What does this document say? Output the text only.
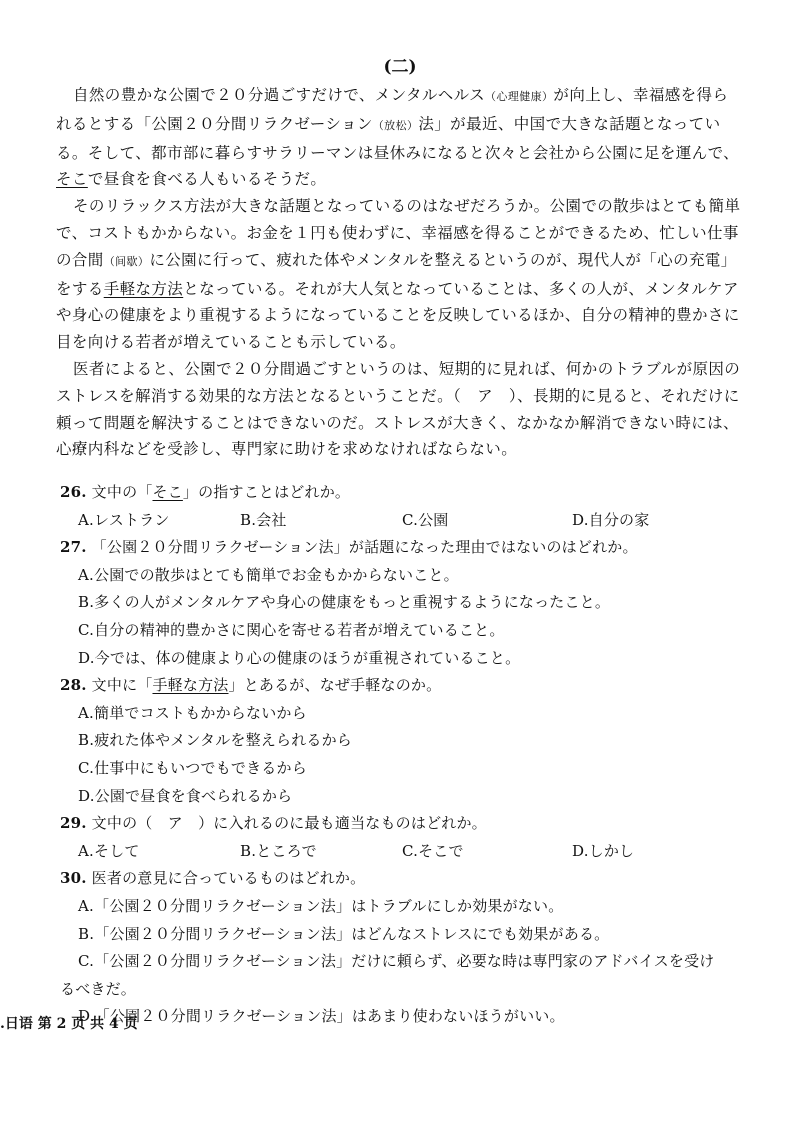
(二)

自然の豊かな公園で２０分過ごすだけで、メンタルヘルス（心理健康）が向上し、幸福感を得ら
れるとする「公園２０分間リラクゼーション（放松）法」が最近、中国で大きな話題となってい
る。そして、都市部に暮らすサラリーマンは昼休みになると次々と会社から公園に足を運んで、
そこで昼食を食べる人もいるそうだ。

そのリラックス方法が大きな話題となっているのはなぜだろうか。公園での散歩はとても簡単
で、コストもかからない。お金を１円も使わずに、幸福感を得ることができるため、忙しい仕事
の合間（间歇）に公園に行って、疲れた体やメンタルを整えるというのが、現代人が「心の充電」
をする手軽な方法となっている。それが大人気となっていることは、多くの人が、メンタルケア
や身心の健康をより重視するようになっていることを反映しているほか、自分の精神的豊かさに
目を向ける若者が増えていることも示している。

医者によると、公園で２０分間過ごすというのは、短期的に見れば、何かのトラブルが原因の
ストレスを解消する効果的な方法となるということだ。（　ア　）、長期的に見ると、それだけに
頼って問題を解決することはできないのだ。ストレスが大きく、なかなか解消できない時には、
心療内科などを受診し、専門家に助けを求めなければならない。

26. 文中の「そこ」の指すことはどれか。
A.レストラン	B.会社	C.公園	D.自分の家
27. 「公園２０分間リラクゼーション法」が話題になった理由ではないのはどれか。
A.公園での散歩はとても簡単でお金もかからないこと。
B.多くの人がメンタルケアや身心の健康をもっと重視するようになったこと。
C.自分の精神的豊かさに関心を寄せる若者が増えていること。
D.今では、体の健康より心の健康のほうが重視されていること。
28. 文中に「手軽な方法」とあるが、なぜ手軽なのか。
A.簡単でコストもかからないから
B.疲れた体やメンタルを整えられるから
C.仕事中にもいつでもできるから
D.公園で昼食を食べられるから
29. 文中の（　ア　）に入れるのに最も適当なものはどれか。
A.そして	B.ところで	C.そこで	D.しかし
30. 医者の意見に合っているものはどれか。
A.「公園２０分間リラクゼーション法」はトラブルにしか効果がない。
B.「公園２０分間リラクゼーション法」はどんなストレスにでも効果がある。
C.「公園２０分間リラクゼーション法」だけに頼らず、必要な時は専門家のアドバイスを受け
るべきだ。
D.「公園２０分間リラクゼーション法」はあまり使わないほうがいい。
.日语 第 2 页 共 4 页
